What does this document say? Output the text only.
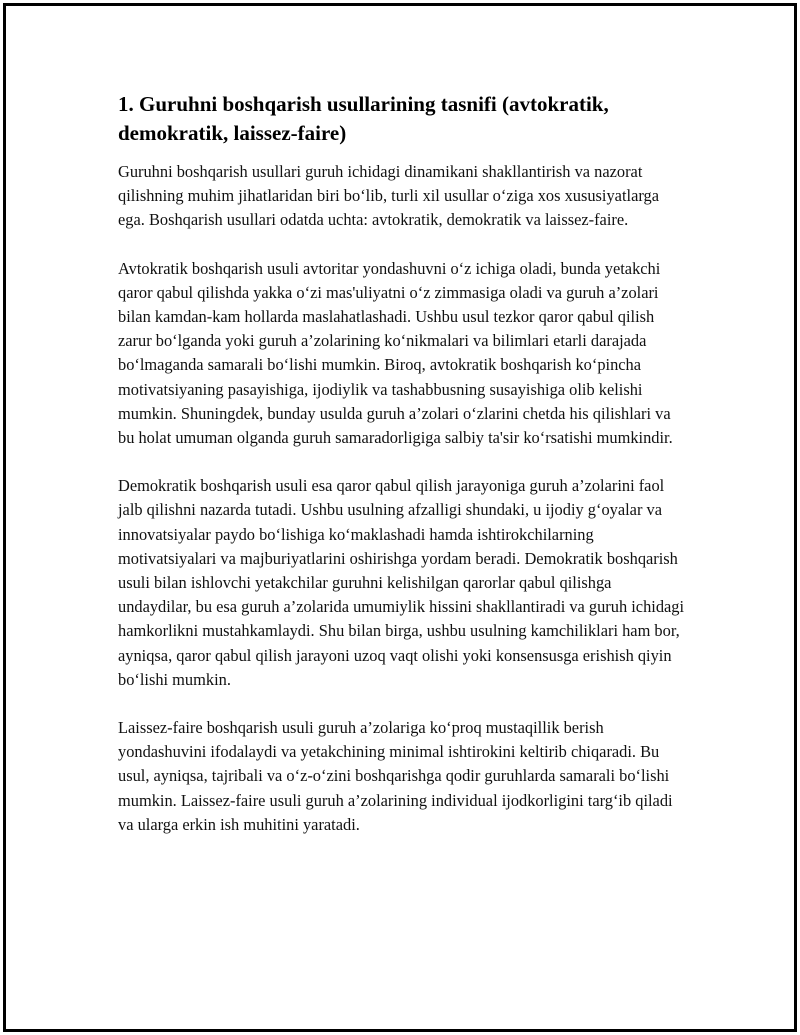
1. Guruhni boshqarish usullarining tasnifi (avtokratik, demokratik, laissez-faire)

Guruhni boshqarish usullari guruh ichidagi dinamikani shakllantirish va nazorat qilishning muhim jihatlaridan biri bo‘lib, turli xil usullar o‘ziga xos xususiyatlarga ega. Boshqarish usullari odatda uchta: avtokratik, demokratik va laissez-faire.

Avtokratik boshqarish usuli avtoritar yondashuvni o‘z ichiga oladi, bunda yetakchi qaror qabul qilishda yakka o‘zi mas'uliyatni o‘z zimmasiga oladi va guruh a’zolari bilan kamdan-kam hollarda maslahatlashadi. Ushbu usul tezkor qaror qabul qilish zarur bo‘lganda yoki guruh a’zolarining ko‘nikmalari va bilimlari etarli darajada bo‘lmaganda samarali bo‘lishi mumkin. Biroq, avtokratik boshqarish ko‘pincha motivatsiyaning pasayishiga, ijodiylik va tashabbusning susayishiga olib kelishi mumkin. Shuningdek, bunday usulda guruh a’zolari o‘zlarini chetda his qilishlari va bu holat umuman olganda guruh samaradorligiga salbiy ta'sir ko‘rsatishi mumkindir.

Demokratik boshqarish usuli esa qaror qabul qilish jarayoniga guruh a’zolarini faol jalb qilishni nazarda tutadi. Ushbu usulning afzalligi shundaki, u ijodiy g‘oyalar va innovatsiyalar paydo bo‘lishiga ko‘maklashadi hamda ishtirokchilarning motivatsiyalari va majburiyatlarini oshirishga yordam beradi. Demokratik boshqarish usuli bilan ishlovchi yetakchilar guruhni kelishilgan qarorlar qabul qilishga undaydilar, bu esa guruh a’zolarida umumiylik hissini shakllantiradi va guruh ichidagi hamkorlikni mustahkamlaydi. Shu bilan birga, ushbu usulning kamchiliklari ham bor, ayniqsa, qaror qabul qilish jarayoni uzoq vaqt olishi yoki konsensusga erishish qiyin bo‘lishi mumkin.

Laissez-faire boshqarish usuli guruh a’zolariga ko‘proq mustaqillik berish yondashuvini ifodalaydi va yetakchining minimal ishtirokini keltirib chiqaradi. Bu usul, ayniqsa, tajribali va o‘z-o‘zini boshqarishga qodir guruhlarda samarali bo‘lishi mumkin. Laissez-faire usuli guruh a’zolarining individual ijodkorligini targ‘ib qiladi va ularga erkin ish muhitini yaratadi.
